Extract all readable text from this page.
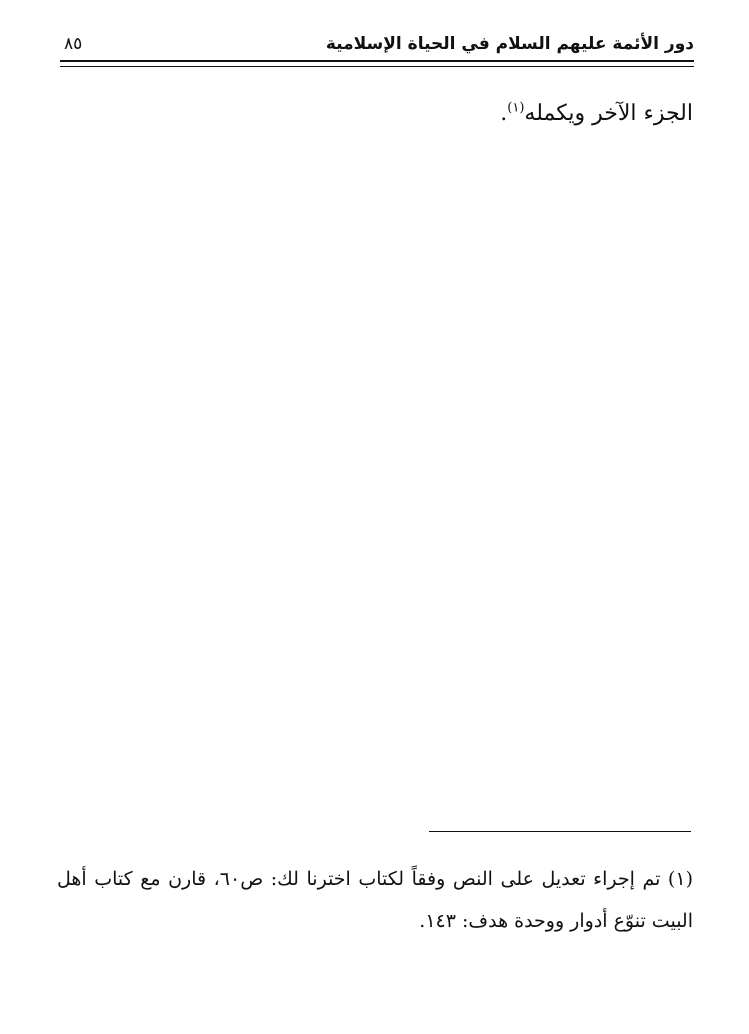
دور الأئمة عليهم السلام في الحياة الإسلامية
٨٥
الجزء الآخر ويكمله$^{(١)}$.
(١) تم إجراء تعديل على النص وفقاً لكتاب اخترنا لك: ص٦٠، قارن مع كتاب أهل البيت تنوّع أدوار ووحدة هدف: ١٤٣.
